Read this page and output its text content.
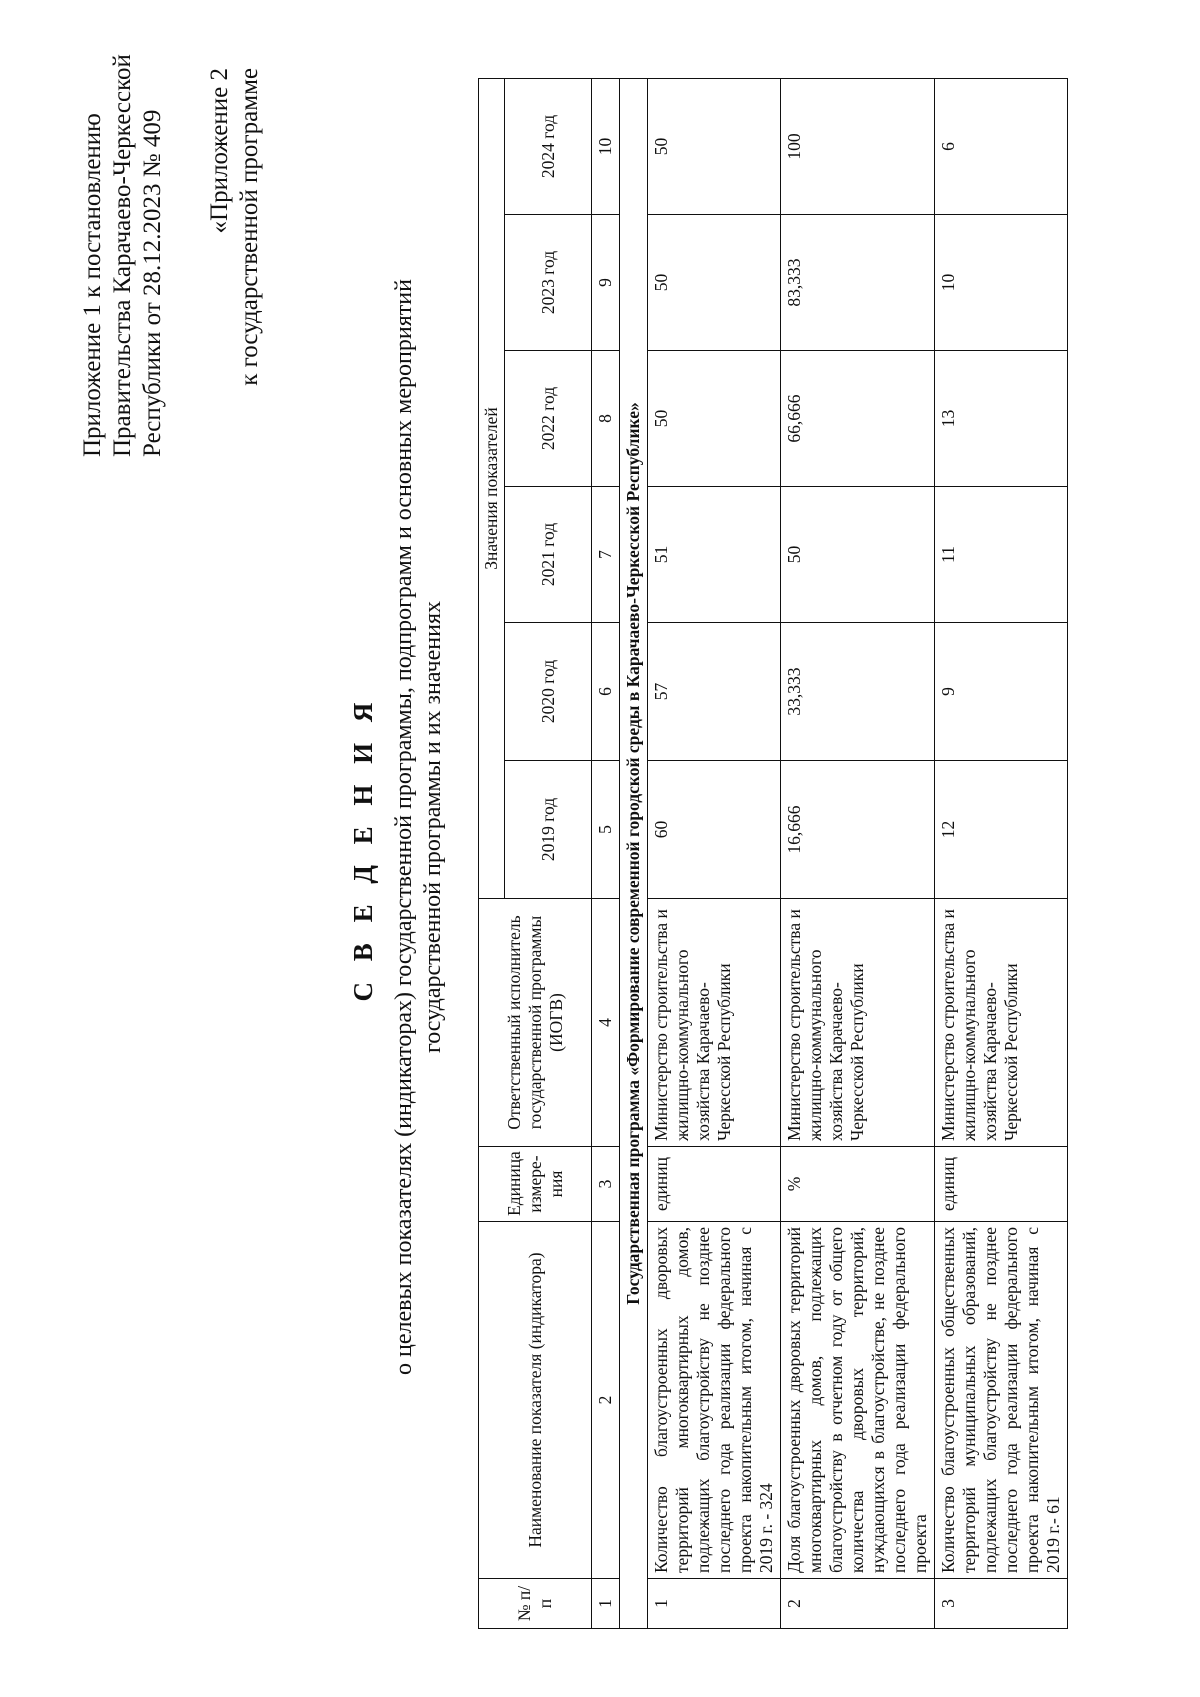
Приложение 1 к постановлению Правительства Карачаево-Черкесской Республики от 28.12.2023 № 409 «Приложение 2 к государственной программе
С В Е Д Е Н И Я о целевых показателях (индикаторах) государственной программы, подпрограмм и основных мероприятий государственной программы и их значениях
№ п/п	Наименование показателя (индикатора)	Единица измере-ния	Ответственный исполнитель государственной программы (ИОГВ)	Значения показателей					
				2019 год	2020 год	2021 год	2022 год	2023 год	2024 год
1	2	3	4	5	6	7	8	9	10
Государственная программа «Формирование современной городской среды в Карачаево-Черкесской Республике»									
1	Количество благоустроенных дворовых территорий многоквартирных домов, подлежащих благоустройству не позднее последнего года реализации федерального проекта накопительным итогом, начиная с 2019 г. - 324	единиц	Министерство строительства и жилищно-коммунального хозяйства Карачаево-Черкесской Республики	60	57	51	50	50	50
2	Доля благоустроенных дворовых территорий многоквартирных домов, подлежащих благоустройству в отчетном году от общего количества дворовых территорий, нуждающихся в благоустройстве, не позднее последнего года реализации федерального проекта	%	Министерство строительства и жилищно-коммунального хозяйства Карачаево-Черкесской Республики	16,666	33,333	50	66,666	83,333	100
3	Количество благоустроенных общественных территорий муниципальных образований, подлежащих благоустройству не позднее последнего года реализации федерального проекта накопительным итогом, начиная с 2019 г.- 61	единиц	Министерство строительства и жилищно-коммунального хозяйства Карачаево-Черкесской Республики	12	9	11	13	10	6
